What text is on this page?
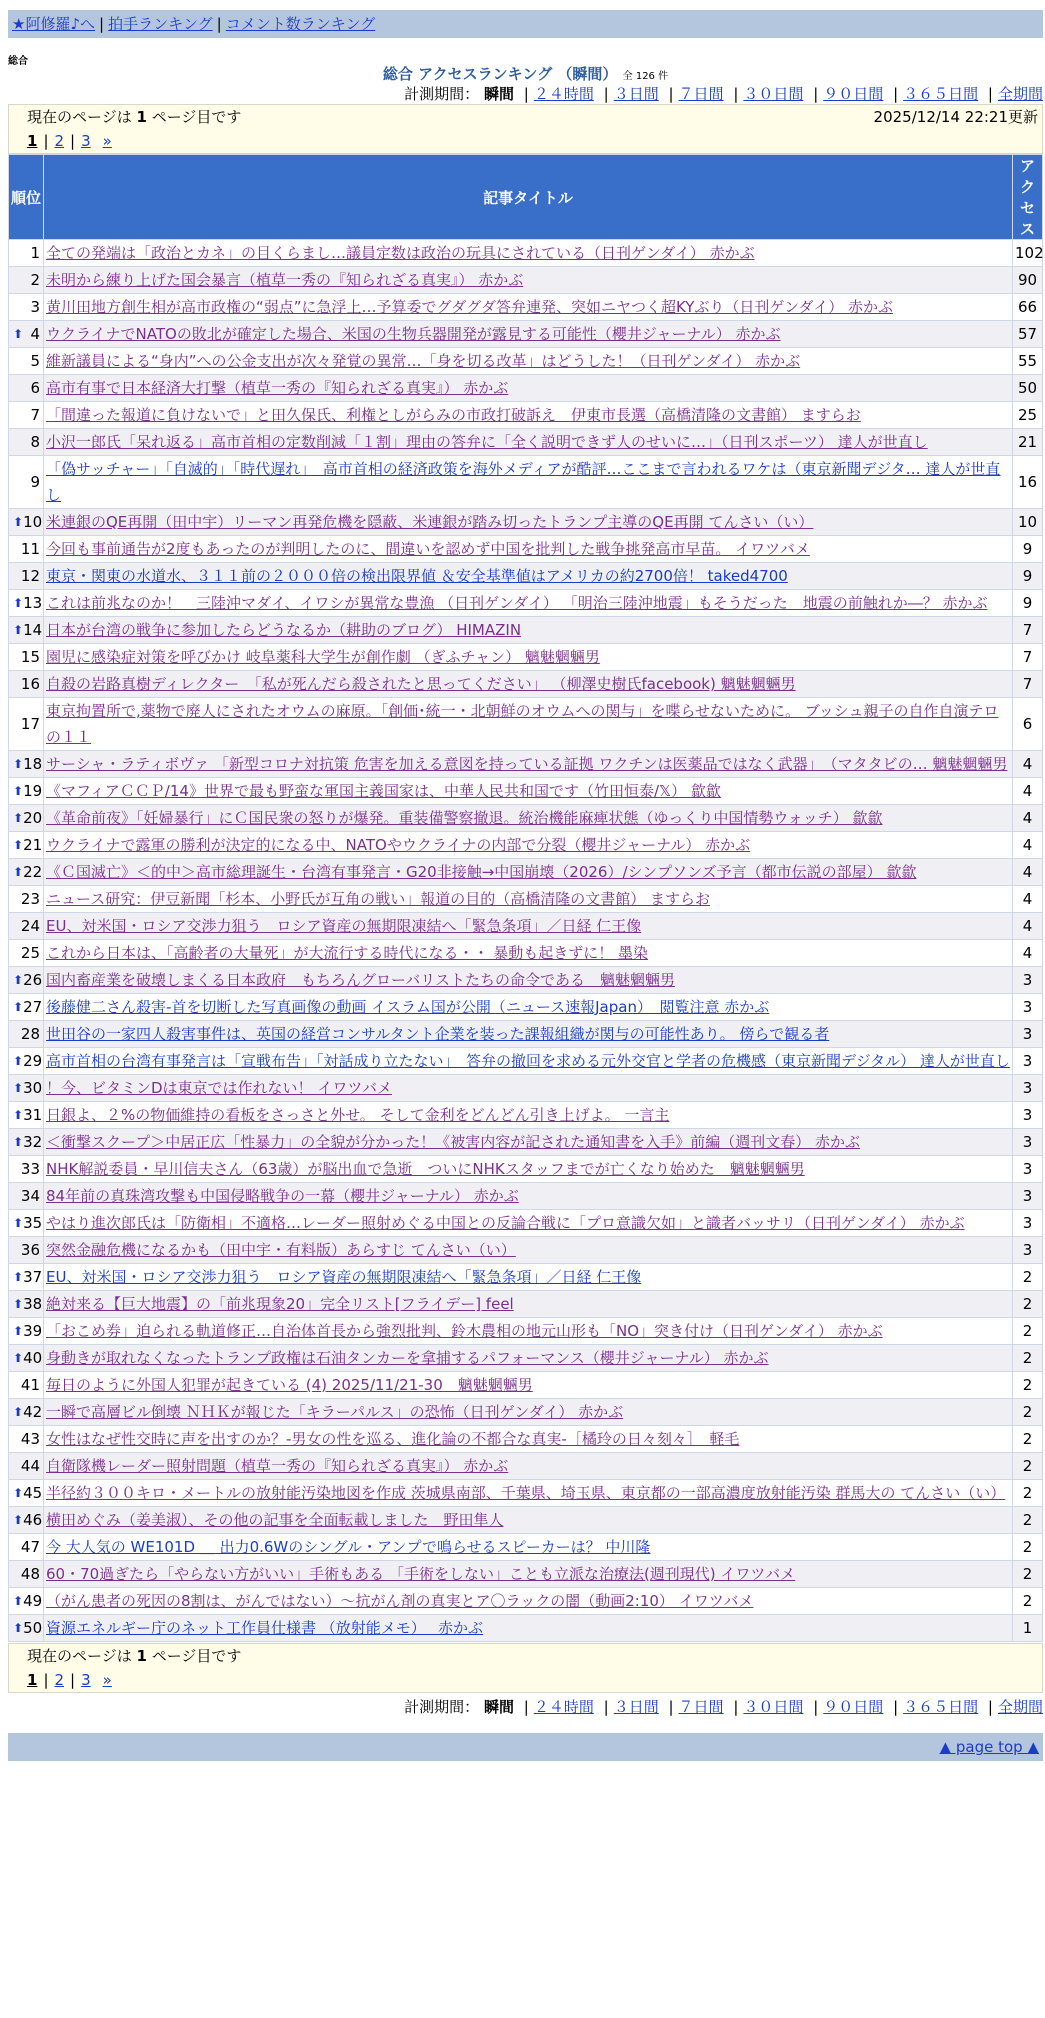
★阿修羅♪へ | 拍手ランキング | コメント数ランキング
総合
総合 アクセスランキング （瞬間） 全 126 件
計測期間： 瞬間 | ２４時間 | ３日間 | ７日間 | ３０日間 | ９０日間 | ３６５日間 | 全期間
現在のページは 1 ページ目です	2025/12/14 22:21更新
1 | 2 | 3 »
順位	記事タイトル	アクセス
1	全ての発端は「政治とカネ」の目くらまし…議員定数は政治の玩具にされている（日刊ゲンダイ） 赤かぶ	102
2	未明から練り上げた国会暴言（植草一秀の『知られざる真実』） 赤かぶ	90
3	黄川田地方創生相が高市政権の“弱点”に急浮上…予算委でグダグダ答弁連発、突如ニヤつく超KYぶり（日刊ゲンダイ） 赤かぶ	66

⬆ 4	ウクライナでNATOの敗北が確定した場合、米国の生物兵器開発が露見する可能性（櫻井ジャーナル） 赤かぶ	57
5	維新議員による“身内”への公金支出が次々発覚の異常…「身を切る改革」はどうした！（日刊ゲンダイ） 赤かぶ	55
6	高市有事で日本経済大打撃（植草一秀の『知られざる真実』） 赤かぶ	50
7	「間違った報道に負けないで」と田久保氏、利権としがらみの市政打破訴え　伊東市長選（高橋清隆の文書館） ますらお	25
8	小沢一郎氏「呆れ返る」高市首相の定数削減「１割」理由の答弁に「全く説明できず人のせいに…」（日刊スポーツ） 達人が世直し	21
9	「偽サッチャー」「自滅的」「時代遅れ」　高市首相の経済政策を海外メディアが酷評…ここまで言われるワケは（東京新聞デジタ… 達人が世直し	16

⬆ 10	米連銀のQE再開（田中宇）リーマン再発危機を隠蔽、米連銀が踏み切ったトランプ主導のQE再開 てんさい（い）	10
11	今回も事前通告が2度もあったのが判明したのに、間違いを認めず中国を批判した戦争挑発高市早苗。 イワツバメ	9
12	東京・関東の水道水、３１１前の２０００倍の検出限界値 ＆安全基準値はアメリカの約2700倍！ taked4700	9

⬆ 13	これは前兆なのか！　三陸沖マダイ、イワシが異常な豊漁 （日刊ゲンダイ） 「明治三陸沖地震」もそうだった　地震の前触れか―？ 赤かぶ	9

⬆ 14	日本が台湾の戦争に参加したらどうなるか（耕助のブログ） HIMAZIN	7
15	園児に感染症対策を呼びかけ 岐阜薬科大学生が創作劇 （ぎふチャン） 魑魅魍魎男	7
16	自殺の岩路真樹ディレクター　「私が死んだら殺されたと思ってください」 （柳澤史樹氏facebook) 魑魅魍魎男	7
17	東京拘置所で,薬物で廃人にされたオウムの麻原。「創価･統一・北朝鮮のオウムへの関与」を喋らせないために。 ブッシュ親子の自作自演テロの１１	6

⬆ 18	サーシャ・ラティボヴァ 「新型コロナ対抗策 危害を加える意図を持っている証拠 ワクチンは医薬品ではなく武器」　（マタタビの… 魑魅魍魎男	4

⬆ 19	《マフィアＣＣＰ/14》世界で最も野蛮な軍国主義国家は、中華人民共和国です（竹田恒泰/𝕏） 歙歙	4

⬆ 20	《革命前夜》「妊婦暴行」にＣ国民衆の怒りが爆発。重装備警察撤退。統治機能麻痺状態（ゆっくり中国情勢ウォッチ） 歙歙	4

⬆ 21	ウクライナで露軍の勝利が決定的になる中、NATOやウクライナの内部で分裂（櫻井ジャーナル） 赤かぶ	4

⬆ 22	《Ｃ国滅亡》＜的中＞高市総理誕生・台湾有事発言・G20非接触→中国崩壊（2026）/シンプソンズ予言（都市伝説の部屋） 歙歙	4
23	ニュース研究：伊豆新聞「杉本、小野氏が互角の戦い」報道の目的（高橋清隆の文書館） ますらお	4
24	EU、対米国・ロシア交渉力狙う　ロシア資産の無期限凍結へ「緊急条項」／日経 仁王像	4
25	これから日本は、「高齢者の大量死」が大流行する時代になる・・ 暴動も起きずに！ 墨染	4

⬆ 26	国内畜産業を破壊しまくる日本政府　もちろんグローバリストたちの命令である　魑魅魍魎男	3

⬆ 27	後藤健二さん殺害-首を切断した写真画像の動画 イスラム国が公開（ニュース速報Japan）　閲覧注意 赤かぶ	3
28	世田谷の一家四人殺害事件は、英国の経営コンサルタント企業を装った課報組織が関与の可能性あり。 傍らで観る者	3

⬆ 29	高市首相の台湾有事発言は「宣戦布告」「対話成り立たない」　答弁の撤回を求める元外交官と学者の危機感（東京新聞デジタル） 達人が世直し	3

⬆ 30	！今、ビタミンDは東京では作れない！ イワツバメ	3

⬆ 31	日銀よ、２%の物価維持の看板をさっさと外せ。 そして金利をどんどん引き上げよ。 一言主	3

⬆ 32	＜衝撃スクープ＞中居正広「性暴力」の全貌が分かった！《被害内容が記された通知書を入手》前編（週刊文春） 赤かぶ	3
33	NHK解説委員・早川信夫さん（63歳）が脳出血で急逝　ついにNHKスタッフまでが亡くなり始めた　魑魅魍魎男	3
34	84年前の真珠湾攻撃も中国侵略戦争の一幕（櫻井ジャーナル） 赤かぶ	3

⬆ 35	やはり進次郎氏は「防衛相」不適格…レーダー照射めぐる中国との反論合戦に「プロ意識欠如」と識者バッサリ（日刊ゲンダイ） 赤かぶ	3
36	突然金融危機になるかも（田中宇・有料版）あらすじ てんさい（い）	3

⬆ 37	EU、対米国・ロシア交渉力狙う　ロシア資産の無期限凍結へ「緊急条項」／日経 仁王像	2

⬆ 38	絶対来る【巨大地震】の「前兆現象20」完全リスト[フライデー] feel	2

⬆ 39	「おこめ券」迫られる軌道修正…自治体首長から強烈批判、鈴木農相の地元山形も「NO」突き付け（日刊ゲンダイ） 赤かぶ	2

⬆ 40	身動きが取れなくなったトランプ政権は石油タンカーを拿捕するパフォーマンス（櫻井ジャーナル） 赤かぶ	2
41	毎日のように外国人犯罪が起きている (4) 2025/11/21-30　魑魅魍魎男	2

⬆ 42	一瞬で高層ビル倒壊 ＮＨＫが報じた「キラーパルス」の恐怖（日刊ゲンダイ） 赤かぶ	2
43	女性はなぜ性交時に声を出すのか？-男女の性を巡る、進化論の不都合な真実-［橘玲の日々刻々］　軽毛	2
44	自衛隊機レーダー照射問題（植草一秀の『知られざる真実』） 赤かぶ	2

⬆ 45	半径約３００キロ・メートルの放射能汚染地図を作成 茨城県南部、千葉県、埼玉県、東京都の一部高濃度放射能汚染 群馬大の てんさい（い）	2

⬆ 46	横田めぐみ（姜美淑）、その他の記事を全面転載しました　野田隼人	2
47	今 大人気の WE101D ＿ 出力0.6Wのシングル・アンプで鳴らせるスピーカーは？ 中川隆	2
48	60・70過ぎたら「やらない方がいい」手術もある 「手術をしない」ことも立派な治療法(週刊現代) イワツバメ	2

⬆ 49	（がん患者の死因の8割は、がんではない）～抗がん剤の真実とア〇ラックの闇（動画2:10） イワツバメ	2

⬆ 50	資源エネルギー庁のネット工作員仕様書 （放射能メモ）　 赤かぶ	1
現在のページは 1 ページ目です
1 | 2 | 3 »
計測期間： 瞬間 | ２４時間 | ３日間 | ７日間 | ３０日間 | ９０日間 | ３６５日間 | 全期間
▲ page top ▲
